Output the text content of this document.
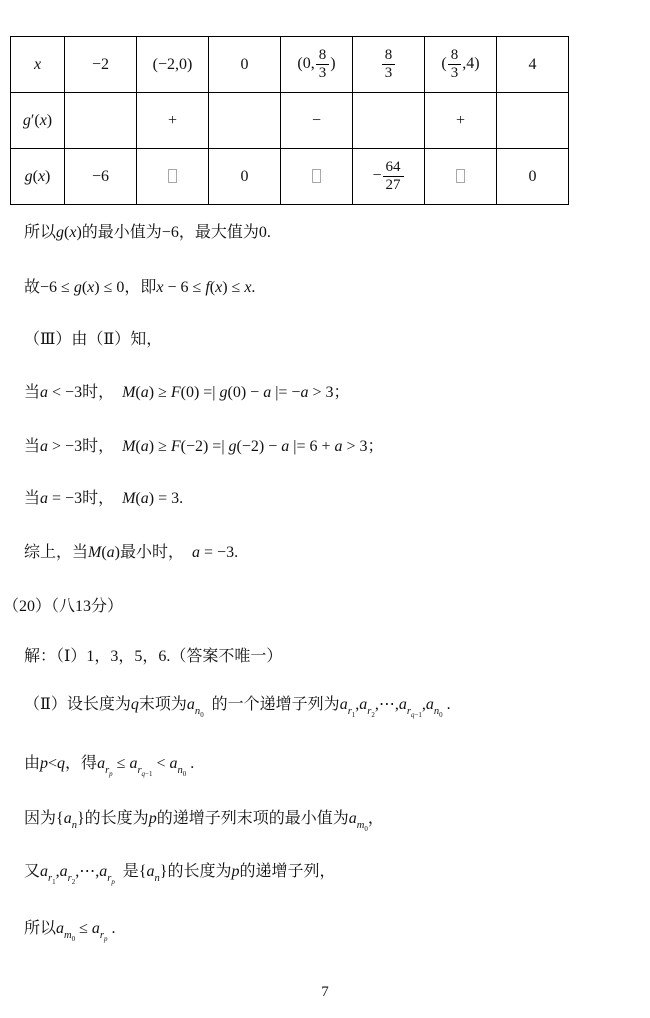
x	−2	(−2,0)	0	(0, $\frac{8}{3}$ )	$\frac{8}{3}$	( $\frac{8}{3} ,4$)	4
g′(x)		+		−		+	
g(x)	−6		0		− $\frac{64}{27}$		0
所以g(x)的最小值为−6，最大值为0.
故−6 ≤ g(x) ≤ 0，即x − 6 ≤ f(x) ≤ x.
（Ⅲ）由（Ⅱ）知，
当a < −3时， M(a) ≥ F(0) =| g(0) − a |= −a > 3；
当a > −3时， M(a) ≥ F(−2) =| g(−2) − a |= 6 + a > 3；
当a = −3时， M(a) = 3.
综上，当M(a)最小时， a = −3.
（20）（八13分）
解：（Ⅰ）1，3，5，6.（答案不唯一）
（Ⅱ）设长度为q末项为$a_{n_0}$ 的一个递增子列为$a_{r_1},a_{r_2},\cdots,a_{r_{q-1}},a_{n_0}$ .
由p<q，得$a_{r_p} \le a_{r_{q-1}} < a_{n_0}$ .
因为$\{a_n\}$的长度为p的递增子列末项的最小值为$a_{m_0}$，
又$a_{r_1},a_{r_2},\cdots,a_{r_p}$ 是$\{a_n\}$的长度为p的递增子列，
所以$a_{m_0} \le a_{r_p}$ .
7
